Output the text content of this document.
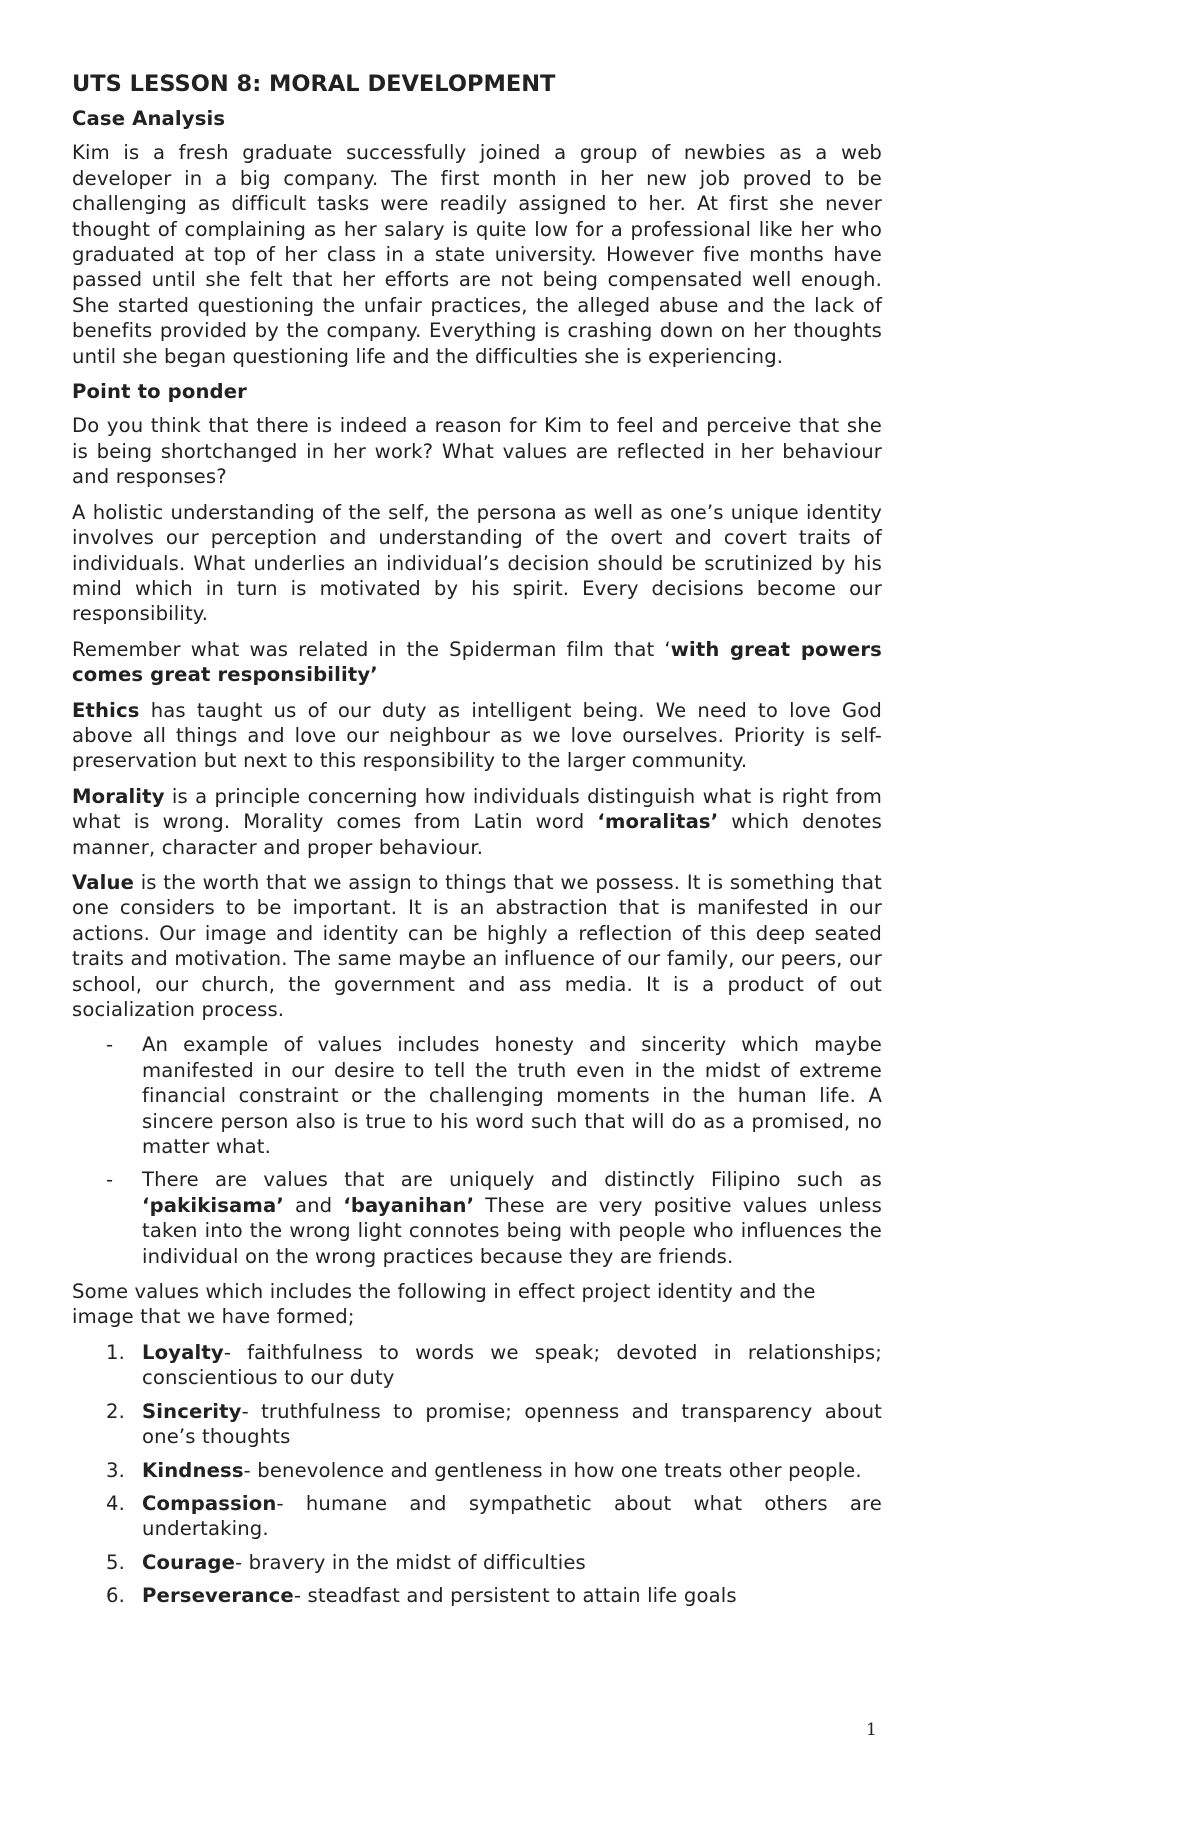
UTS LESSON 8: MORAL DEVELOPMENT
Case Analysis

Kim is a fresh graduate successfully joined a group of newbies as a web developer in a big company. The first month in her new job proved to be challenging as difficult tasks were readily assigned to her. At first she never thought of complaining as her salary is quite low for a professional like her who graduated at top of her class in a state university. However five months have passed until she felt that her efforts are not being compensated well enough. She started questioning the unfair practices, the alleged abuse and the lack of benefits provided by the company. Everything is crashing down on her thoughts until she began questioning life and the difficulties she is experiencing.

Point to ponder

Do you think that there is indeed a reason for Kim to feel and perceive that she is being shortchanged in her work? What values are reflected in her behaviour and responses?

A holistic understanding of the self, the persona as well as one’s unique identity involves our perception and understanding of the overt and covert traits of individuals. What underlies an individual’s decision should be scrutinized by his mind which in turn is motivated by his spirit. Every decisions become our responsibility.

Remember what was related in the Spiderman film that ‘with great powers comes great responsibility’

Ethics has taught us of our duty as intelligent being. We need to love God above all things and love our neighbour as we love ourselves. Priority is self-preservation but next to this responsibility to the larger community.

Morality is a principle concerning how individuals distinguish what is right from what is wrong. Morality comes from Latin word ‘moralitas’ which denotes manner, character and proper behaviour.

Value is the worth that we assign to things that we possess. It is something that one considers to be important. It is an abstraction that is manifested in our actions. Our image and identity can be highly a reflection of this deep seated traits and motivation. The same maybe an influence of our family, our peers, our school, our church, the government and ass media. It is a product of out socialization process.

- An example of values includes honesty and sincerity which maybe manifested in our desire to tell the truth even in the midst of extreme financial constraint or the challenging moments in the human life. A sincere person also is true to his word such that will do as a promised, no matter what.
- There are values that are uniquely and distinctly Filipino such as ‘pakikisama’ and ‘bayanihan’ These are very positive values unless taken into the wrong light connotes being with people who influences the individual on the wrong practices because they are friends.

Some values which includes the following in effect project identity and the image that we have formed;

1. Loyalty- faithfulness to words we speak; devoted in relationships; conscientious to our duty
2. Sincerity- truthfulness to promise; openness and transparency about one’s thoughts
3. Kindness- benevolence and gentleness in how one treats other people.
4. Compassion- humane and sympathetic about what others are undertaking.
5. Courage- bravery in the midst of difficulties
6. Perseverance- steadfast and persistent to attain life goals
1
